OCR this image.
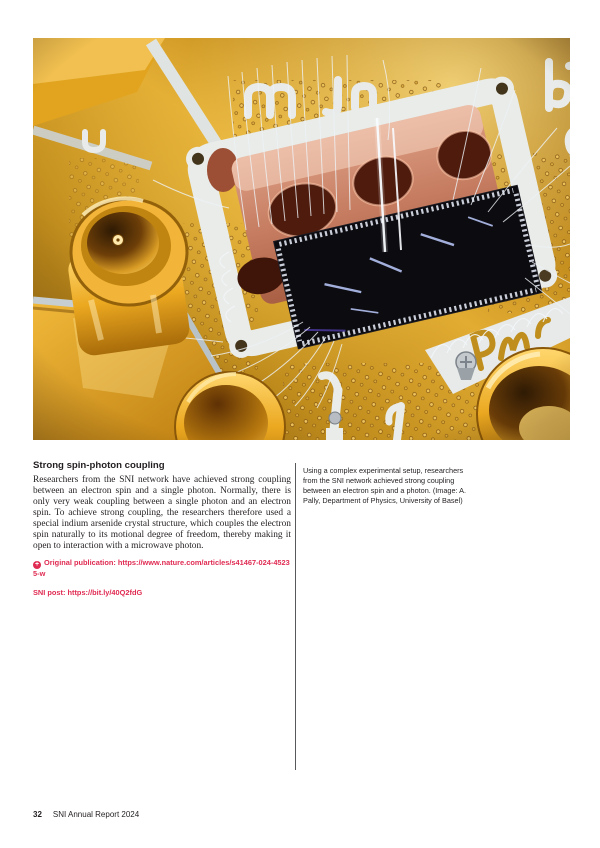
Strong spin-photon coupling

Researchers from the SNI network have achieved strong coupling between an electron spin and a single photon. Normally, there is only very weak coupling between a single photon and an electron spin. To achieve strong coupling, the researchers therefore used a special indium arsenide crystal structure, which couples the electron spin naturally to its motional degree of freedom, thereby making it open to interaction with a microwave photon.

+ Original publication: https://www.nature.com/articles/s41467-024-45235-w

SNI post: https://bit.ly/40Q2fdG

Using a complex experimental setup, researchers from the SNI network achieved strong coupling between an electron spin and a photon. (Image: A. Pally, Department of Physics, University of Basel)

32 SNI Annual Report 2024
